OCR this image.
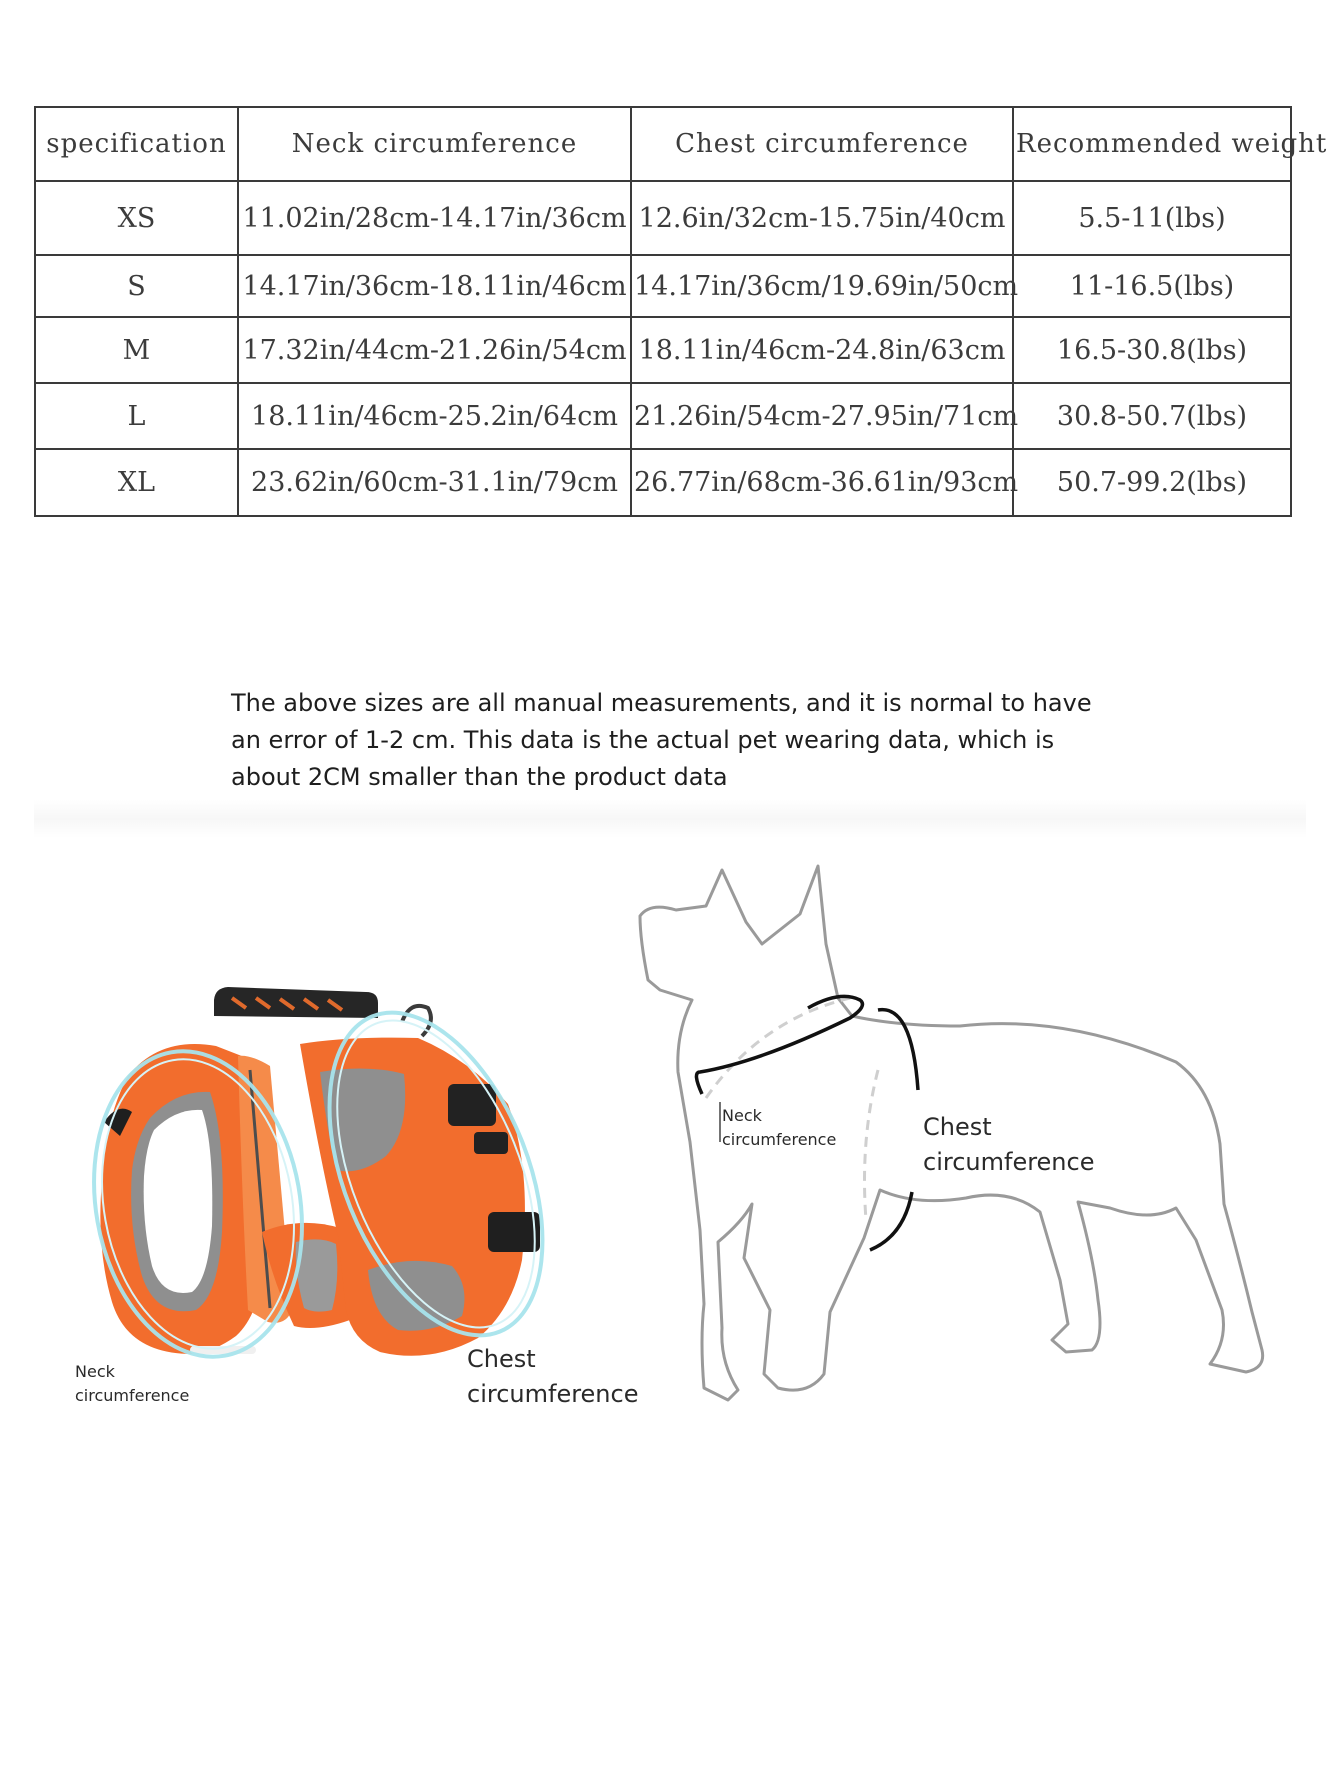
specification	Neck circumference	Chest circumference	Recommended weight
XS	11.02in/28cm-14.17in/36cm	12.6in/32cm-15.75in/40cm	5.5-11(lbs)
S	14.17in/36cm-18.11in/46cm	14.17in/36cm/19.69in/50cm	11-16.5(lbs)
M	17.32in/44cm-21.26in/54cm	18.11in/46cm-24.8in/63cm	16.5-30.8(lbs)
L	18.11in/46cm-25.2in/64cm	21.26in/54cm-27.95in/71cm	30.8-50.7(lbs)
XL	23.62in/60cm-31.1in/79cm	26.77in/68cm-36.61in/93cm	50.7-99.2(lbs)

The above sizes are all manual measurements, and it is normal to have an error of 1-2 cm. This data is the actual pet wearing data, which is about 2CM smaller than the product data

Neck
circumference

Chest
circumference

Neck
circumference	Chest
circumference
